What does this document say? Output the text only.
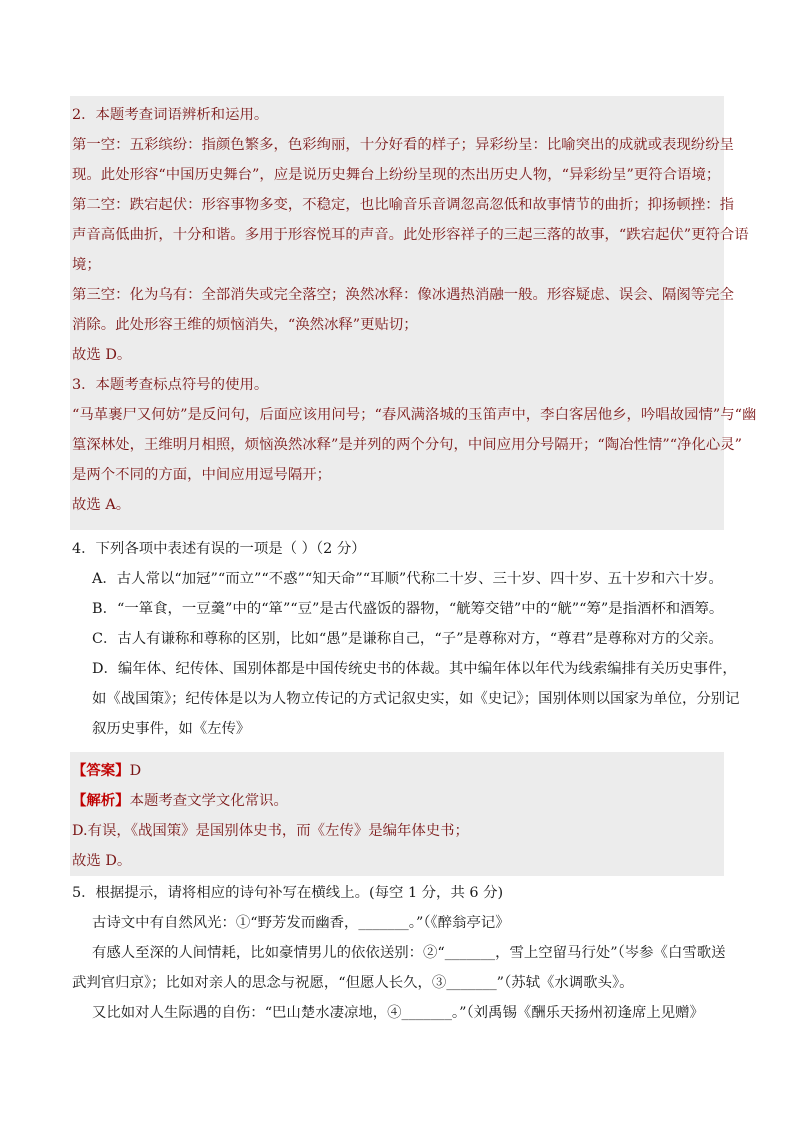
2．本题考查词语辨析和运用。
第一空：五彩缤纷：指颜色繁多，色彩绚丽，十分好看的样子；异彩纷呈：比喻突出的成就或表现纷纷呈
现。此处形容“中国历史舞台”，应是说历史舞台上纷纷呈现的杰出历史人物，“异彩纷呈”更符合语境；
第二空：跌宕起伏：形容事物多变，不稳定，也比喻音乐音调忽高忽低和故事情节的曲折；抑扬顿挫：指
声音高低曲折，十分和谐。多用于形容悦耳的声音。此处形容祥子的三起三落的故事，“跌宕起伏”更符合语
境；
第三空：化为乌有：全部消失或完全落空；涣然冰释：像冰遇热消融一般。形容疑虑、误会、隔阂等完全
消除。此处形容王维的烦恼消失，“涣然冰释”更贴切；
故选 D。
3．本题考查标点符号的使用。
“马革裹尸又何妨”是反问句，后面应该用问号；“春风满洛城的玉笛声中，李白客居他乡，吟唱故园情”与“幽
篁深林处，王维明月相照，烦恼涣然冰释”是并列的两个分句，中间应用分号隔开；“陶冶性情”“净化心灵”
是两个不同的方面，中间应用逗号隔开；
故选 A。
4．下列各项中表述有误的一项是（ ）（2 分）
A．古人常以“加冠”“而立”“不惑”“知天命”“耳顺”代称二十岁、三十岁、四十岁、五十岁和六十岁。
B．“一箪食，一豆羹”中的“箪”“豆”是古代盛饭的器物，“觥筹交错”中的“觥”“筹”是指酒杯和酒筹。
C．古人有谦称和尊称的区别，比如“愚”是谦称自己，“子”是尊称对方，“尊君”是尊称对方的父亲。
D．编年体、纪传体、国别体都是中国传统史书的体裁。其中编年体以年代为线索编排有关历史事件，
如《战国策》；纪传体是以为人物立传记的方式记叙史实，如《史记》；国别体则以国家为单位，分别记
叙历史事件，如《左传》
【答案】D
【解析】本题考查文学文化常识。
D.有误，《战国策》是国别体史书，而《左传》是编年体史书；
故选 D。
5．根据提示，请将相应的诗句补写在横线上。(每空 1 分，共 6 分)
古诗文中有自然风光：①“野芳发而幽香，_______。”（《醉翁亭记》
有感人至深的人间情耗，比如豪情男儿的依依送别：②“_______，雪上空留马行处”（岑参《白雪歌送
武判官归京》；比如对亲人的思念与祝愿，“但愿人长久，③_______”（苏轼《水调歌头》。
又比如对人生际遇的自伤：“巴山楚水凄凉地，④_______。”（刘禹锡《酬乐天扬州初逢席上见赠》
